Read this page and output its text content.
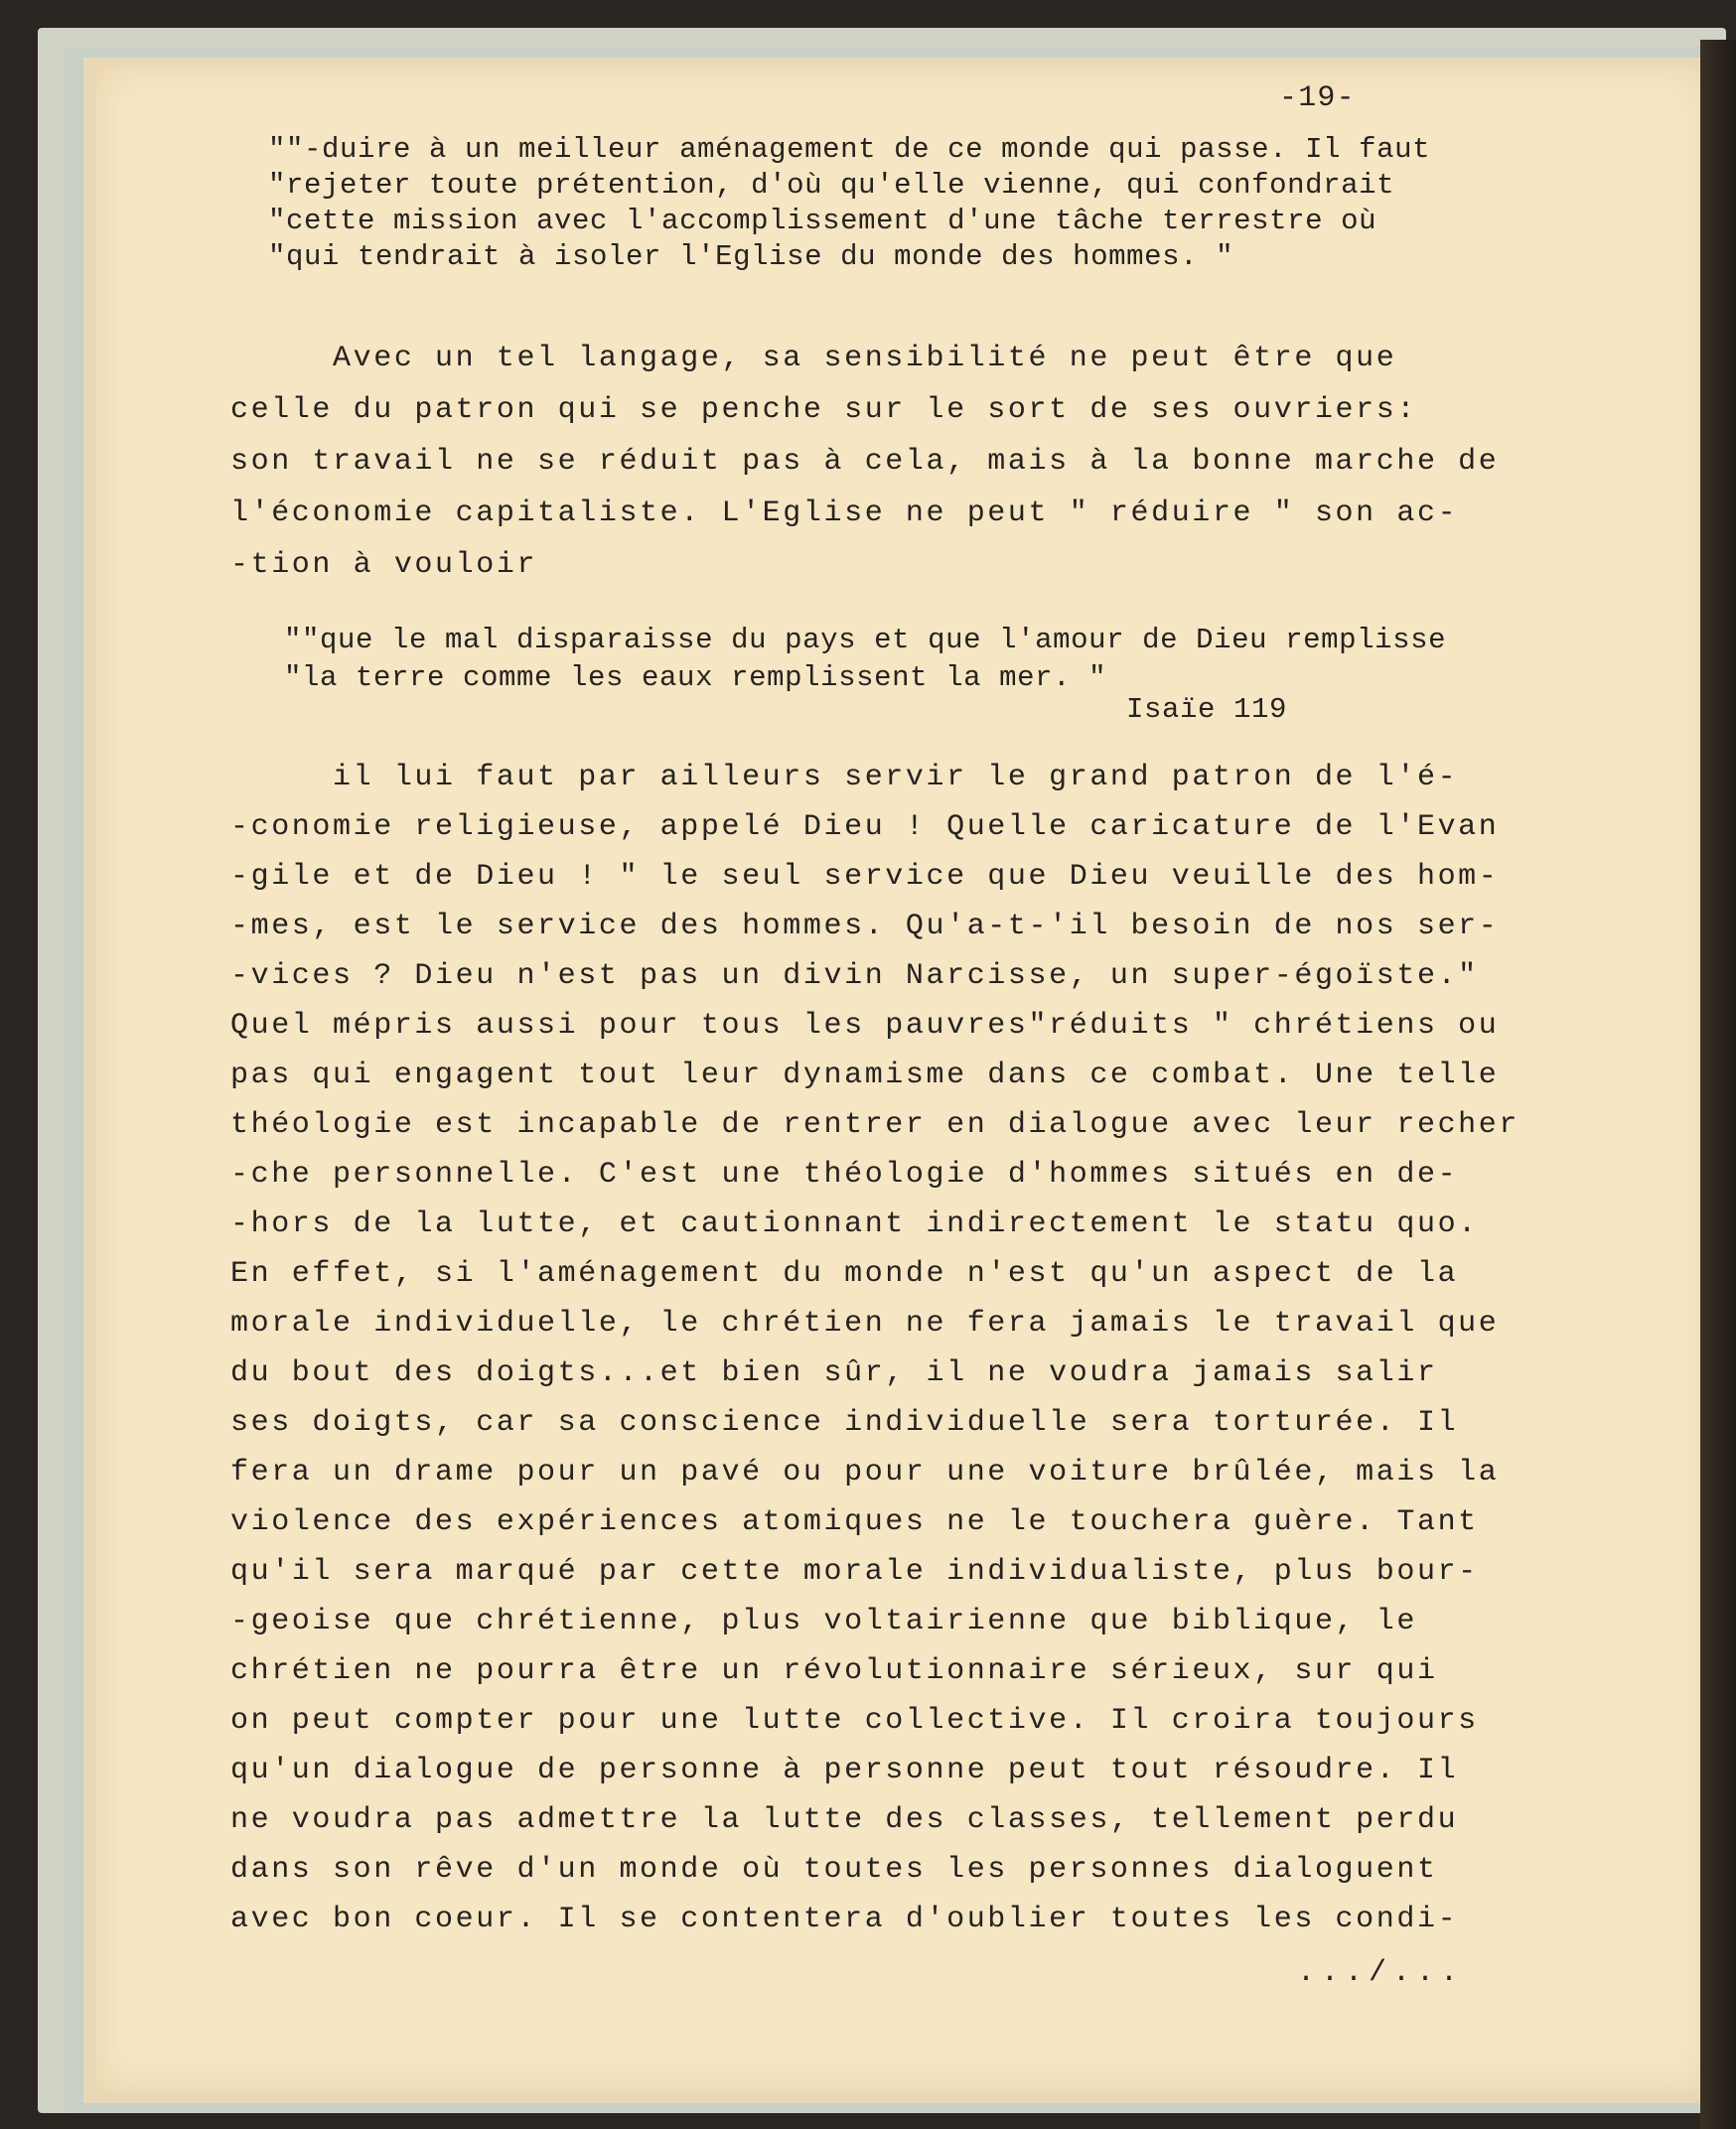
-19-
""-duire à un meilleur aménagement de ce monde qui passe. Il faut
"rejeter toute prétention, d'où qu'elle vienne, qui confondrait
"cette mission avec l'accomplissement d'une tâche terrestre où
"qui tendrait à isoler l'Eglise du monde des hommes. "
Avec un tel langage, sa sensibilité ne peut être que
celle du patron qui se penche sur le sort de ses ouvriers:
son travail ne se réduit pas à cela, mais à la bonne marche de
l'économie capitaliste. L'Eglise ne peut " réduire " son ac-
-tion à vouloir
""que le mal disparaisse du pays et que l'amour de Dieu remplisse
"la terre comme les eaux remplissent la mer. "
Isaïe 119
il lui faut par ailleurs servir le grand patron de l'é-
-conomie religieuse, appelé Dieu ! Quelle caricature de l'Evan
-gile et de Dieu ! " le seul service que Dieu veuille des hom-
-mes, est le service des hommes. Qu'a-t-'il besoin de nos ser-
-vices ? Dieu n'est pas un divin Narcisse, un super-égoïste."
Quel mépris aussi pour tous les pauvres"réduits " chrétiens ou
pas qui engagent tout leur dynamisme dans ce combat. Une telle
théologie est incapable de rentrer en dialogue avec leur recher
-che personnelle. C'est une théologie d'hommes situés en de-
-hors de la lutte, et cautionnant indirectement le statu quo.
En effet, si l'aménagement du monde n'est qu'un aspect de la
morale individuelle, le chrétien ne fera jamais le travail que
du bout des doigts...et bien sûr, il ne voudra jamais salir
ses doigts, car sa conscience individuelle sera torturée. Il
fera un drame pour un pavé ou pour une voiture brûlée, mais la
violence des expériences atomiques ne le touchera guère. Tant
qu'il sera marqué par cette morale individualiste, plus bour-
-geoise que chrétienne, plus voltairienne que biblique, le
chrétien ne pourra être un révolutionnaire sérieux, sur qui
on peut compter pour une lutte collective. Il croira toujours
qu'un dialogue de personne à personne peut tout résoudre. Il
ne voudra pas admettre la lutte des classes, tellement perdu
dans son rêve d'un monde où toutes les personnes dialoguent
avec bon coeur. Il se contentera d'oublier toutes les condi-
.../...
